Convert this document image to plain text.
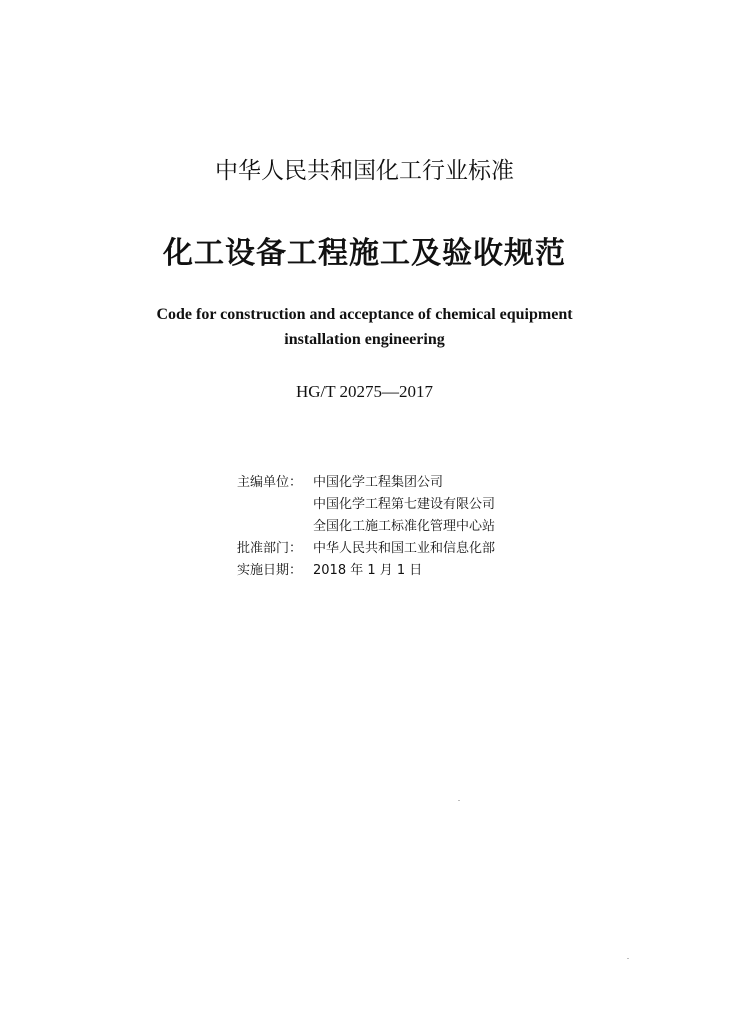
中华人民共和国化工行业标准
化工设备工程施工及验收规范
Code for construction and acceptance of chemical equipment
installation engineering
HG/T 20275—2017
主编单位： 中国化学工程集团公司
中国化学工程第七建设有限公司
全国化工施工标准化管理中心站
批准部门： 中华人民共和国工业和信息化部
实施日期： 2018 年 1 月 1 日
